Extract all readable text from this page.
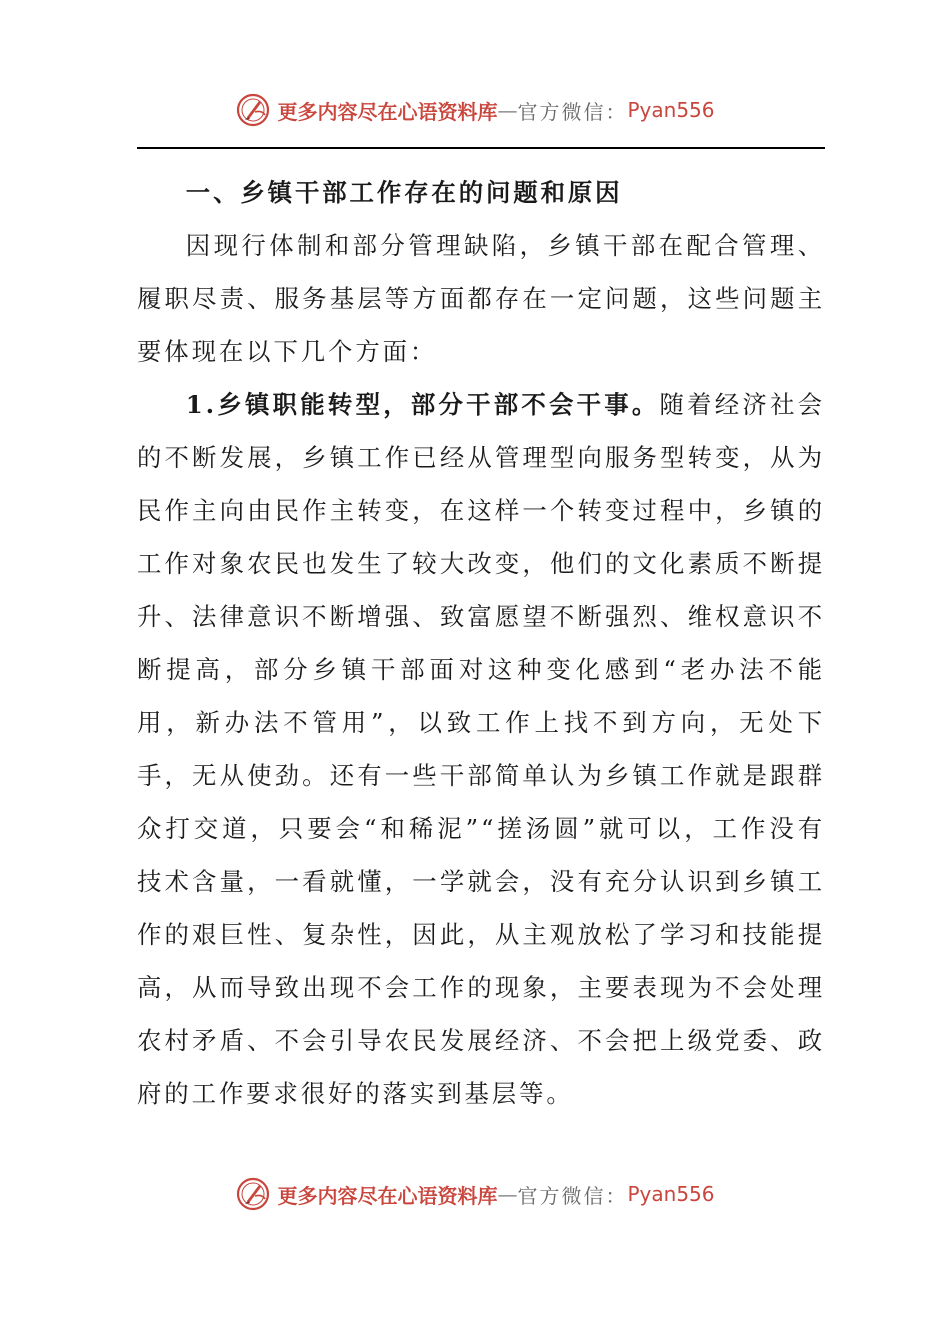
更多内容尽在心语资料库 — 官方微信： Pyan556
一、乡镇干部工作存在的问题和原因

因现行体制和部分管理缺陷，乡镇干部在配合管理、履职尽责、服务基层等方面都存在一定问题，这些问题主要体现在以下几个方面：

1.乡镇职能转型，部分干部不会干事。随着经济社会的不断发展，乡镇工作已经从管理型向服务型转变，从为民作主向由民作主转变，在这样一个转变过程中，乡镇的工作对象农民也发生了较大改变，他们的文化素质不断提升、法律意识不断增强、致富愿望不断强烈、维权意识不断提高，部分乡镇干部面对这种变化感到“老办法不能用，新办法不管用”，以致工作上找不到方向，无处下手，无从使劲。还有一些干部简单认为乡镇工作就是跟群众打交道，只要会“和稀泥”“搓汤圆”就可以，工作没有技术含量，一看就懂，一学就会，没有充分认识到乡镇工作的艰巨性、复杂性，因此，从主观放松了学习和技能提高，从而导致出现不会工作的现象，主要表现为不会处理农村矛盾、不会引导农民发展经济、不会把上级党委、政府的工作要求很好的落实到基层等。

更多内容尽在心语资料库 — 官方微信： Pyan556
